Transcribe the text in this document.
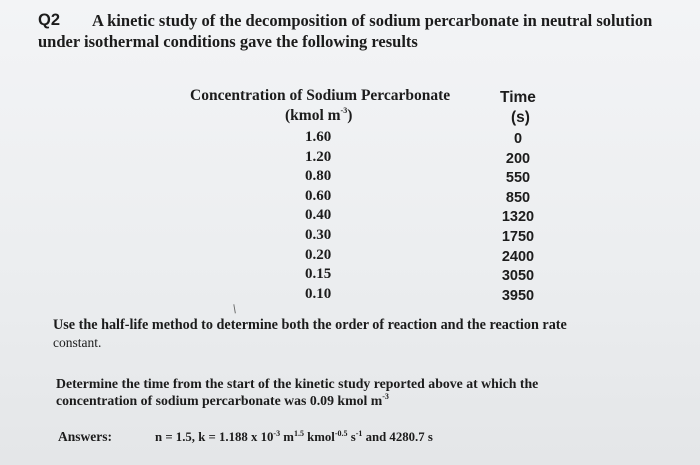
Q2 A kinetic study of the decomposition of sodium percarbonate in neutral solution
under isothermal conditions gave the following results
Concentration of Sodium Percarbonate
(kmol $m^{-3}$)
Time
(s)
1.60
1.20
0.80
0.60
0.40
0.30
0.20
0.15
0.10
0
200
550
850
1320
1750
2400
3050
3950
/
Use the half-life method to determine both the order of reaction and the reaction rate
constant.
Determine the time from the start of the kinetic study reported above at which the
concentration of sodium percarbonate was 0.09 kmol $m^{-3}$
Answers:	n = 1.5, k = 1.188 x $10^{-3}$ $m^{1.5}$ kmol$^{-0.5}$ $s^{-1}$ and 4280.7 s
